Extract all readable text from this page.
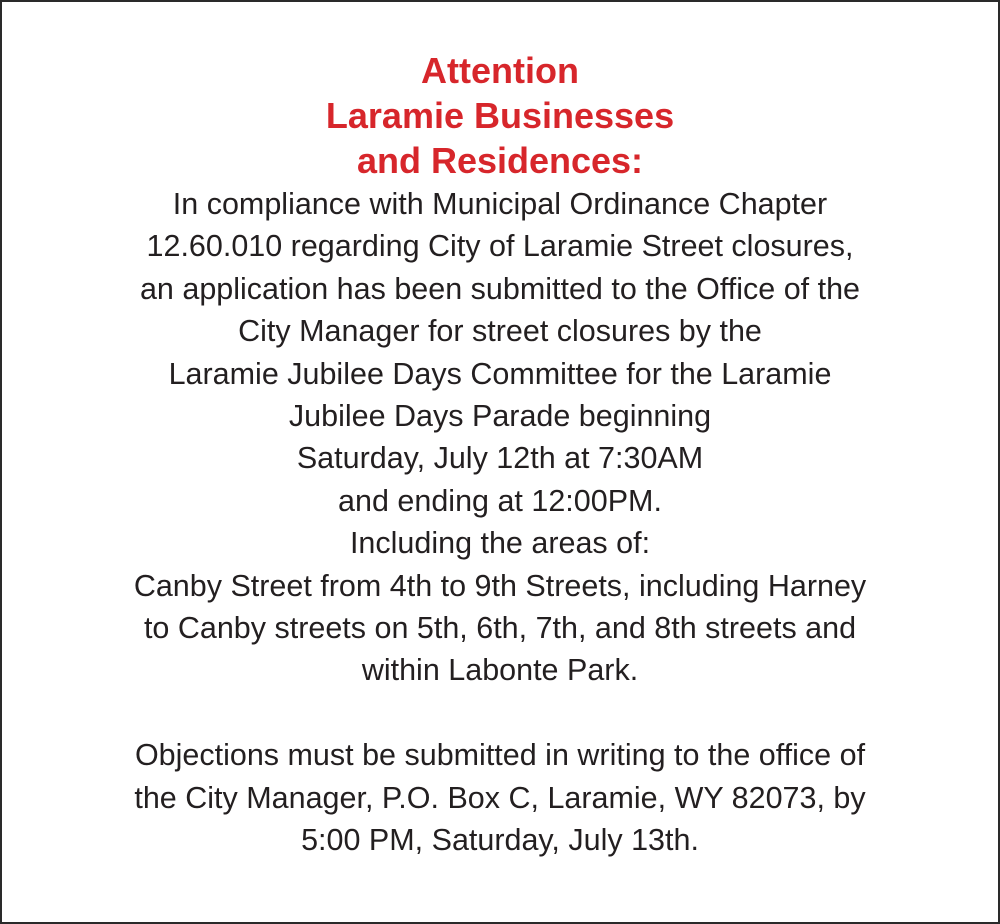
Attention
Laramie Businesses
and Residences:
In compliance with Municipal Ordinance Chapter
12.60.010 regarding City of Laramie Street closures,
an application has been submitted to the Office of the
City Manager for street closures by the
Laramie Jubilee Days Committee for the Laramie
Jubilee Days Parade beginning
Saturday, July 12th at 7:30AM
and ending at 12:00PM.
Including the areas of:
Canby Street from 4th to 9th Streets, including Harney
to Canby streets on 5th, 6th, 7th, and 8th streets and
within Labonte Park.
Objections must be submitted in writing to the office of
the City Manager, P.O. Box C, Laramie, WY 82073, by
5:00 PM, Saturday, July 13th.
